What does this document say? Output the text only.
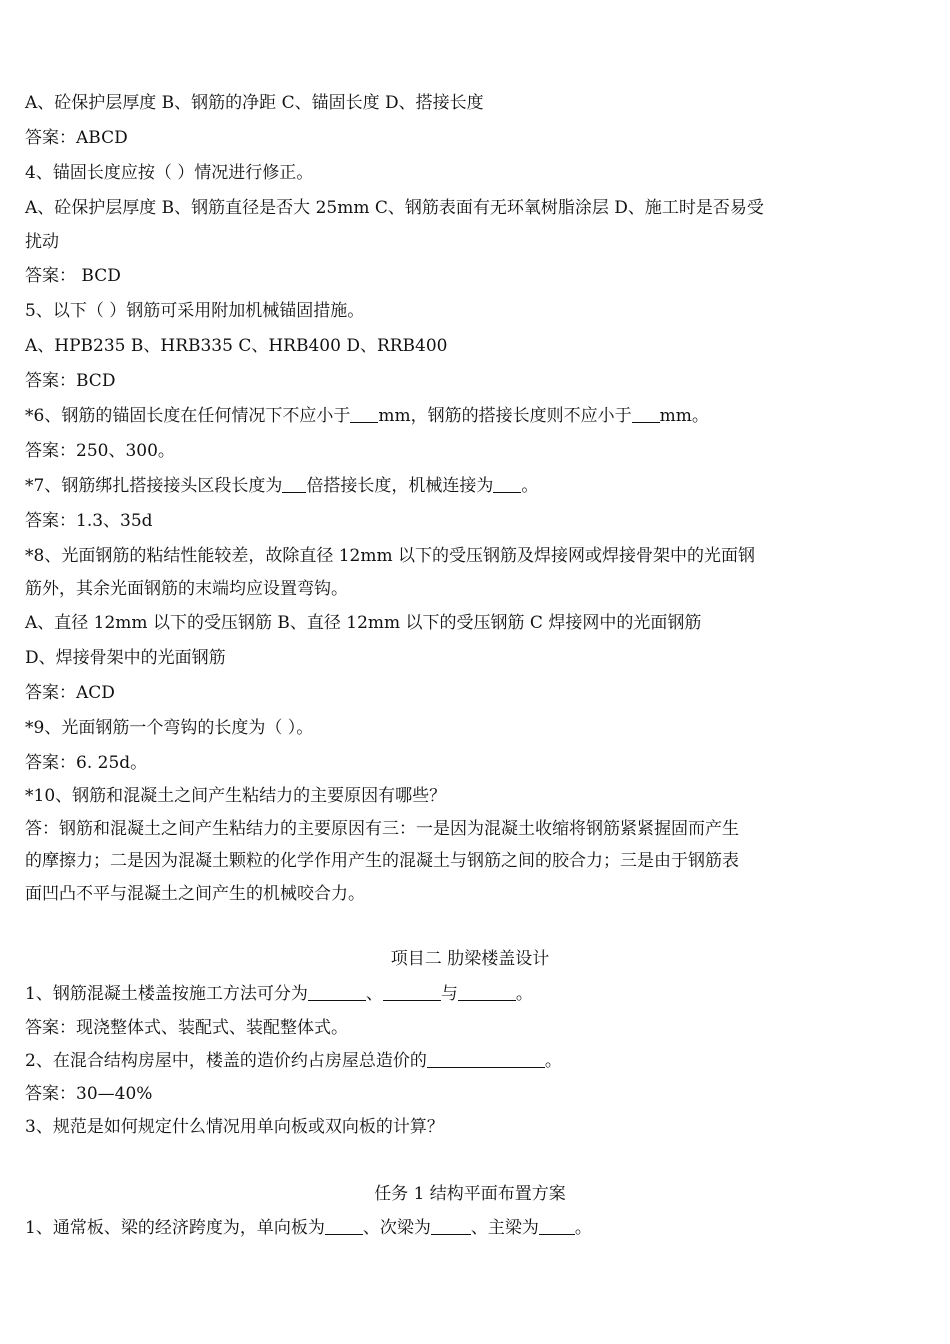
A、砼保护层厚度 B、钢筋的净距 C、锚固长度 D、搭接长度
答案：ABCD
4、锚固长度应按（ ）情况进行修正。
A、砼保护层厚度 B、钢筋直径是否大 25mm C、钢筋表面有无环氧树脂涂层 D、施工时是否易受
扰动
答案： BCD
5、以下（ ）钢筋可采用附加机械锚固措施。
A、HPB235 B、HRB335 C、HRB400 D、RRB400
答案：BCD
*6、钢筋的锚固长度在任何情况下不应小于 mm，钢筋的搭接长度则不应小于 mm。
答案：250、300。
*7、钢筋绑扎搭接接头区段长度为 倍搭接长度，机械连接为 。
答案：1.3、35d
*8、光面钢筋的粘结性能较差，故除直径 12mm 以下的受压钢筋及焊接网或焊接骨架中的光面钢
筋外，其余光面钢筋的末端均应设置弯钩。
A、直径 12mm 以下的受压钢筋 B、直径 12mm 以下的受压钢筋 C 焊接网中的光面钢筋
D、焊接骨架中的光面钢筋
答案：ACD
*9、光面钢筋一个弯钩的长度为（ ）。
答案：6. 25d。
*10、钢筋和混凝土之间产生粘结力的主要原因有哪些？
答：钢筋和混凝土之间产生粘结力的主要原因有三：一是因为混凝土收缩将钢筋紧紧握固而产生
的摩擦力；二是因为混凝土颗粒的化学作用产生的混凝土与钢筋之间的胶合力；三是由于钢筋表
面凹凸不平与混凝土之间产生的机械咬合力。
项目二 肋梁楼盖设计
1、钢筋混凝土楼盖按施工方法可分为	、	与	。
答案：现浇整体式、装配式、装配整体式。
2、在混合结构房屋中，楼盖的造价约占房屋总造价的	。
答案：30—40%
3、规范是如何规定什么情况用单向板或双向板的计算？
任务 1 结构平面布置方案
1、通常板、梁的经济跨度为，单向板为 、次梁为 、主梁为 。
